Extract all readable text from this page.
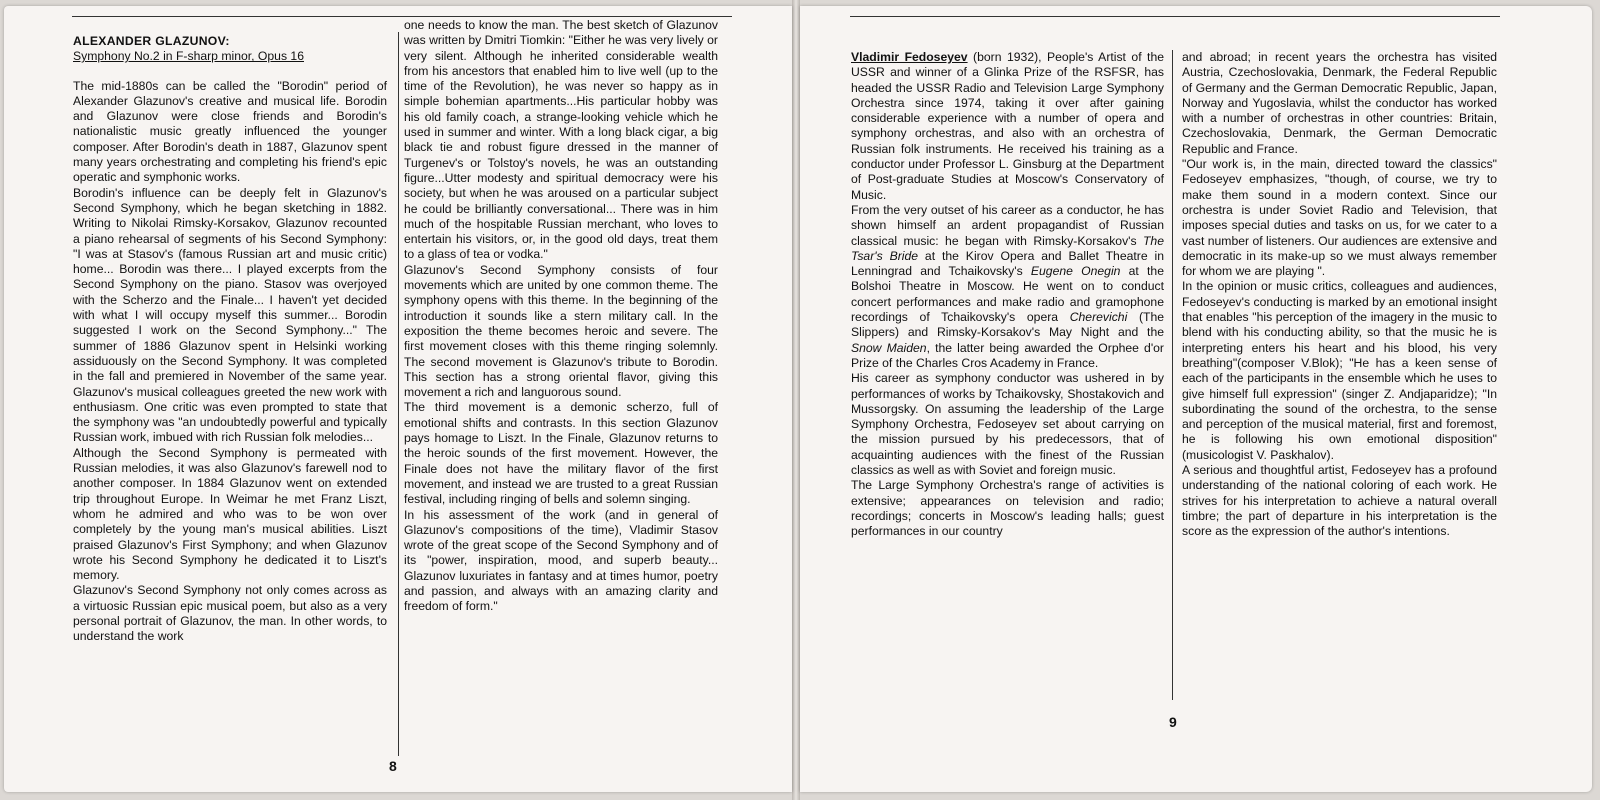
ALEXANDER GLAZUNOV:

Symphony No.2 in F-sharp minor, Opus 16

The mid-1880s can be called the "Borodin" period of Alexander Glazunov's creative and musical life. Borodin and Glazunov were close friends and Borodin's nationalistic music greatly influenced the younger composer. After Borodin's death in 1887, Glazunov spent many years orchestrating and completing his friend's epic operatic and symphonic works.

Borodin's influence can be deeply felt in Glazunov's Second Symphony, which he began sketching in 1882. Writing to Nikolai Rimsky-Korsakov, Glazunov recounted a piano rehearsal of segments of his Second Symphony: "I was at Stasov's (famous Russian art and music critic) home... Borodin was there... I played excerpts from the Second Symphony on the piano. Stasov was overjoyed with the Scherzo and the Finale... I haven't yet decided with what I will occupy myself this summer... Borodin suggested I work on the Second Symphony..." The summer of 1886 Glazunov spent in Helsinki working assiduously on the Second Symphony. It was completed in the fall and premiered in November of the same year. Glazunov's musical colleagues greeted the new work with enthusiasm. One critic was even prompted to state that the symphony was "an undoubtedly powerful and typically Russian work, imbued with rich Russian folk melodies...

Although the Second Symphony is permeated with Russian melodies, it was also Glazunov's farewell nod to another composer. In 1884 Glazunov went on extended trip throughout Europe. In Weimar he met Franz Liszt, whom he admired and who was to be won over completely by the young man's musical abilities. Liszt praised Glazunov's First Symphony; and when Glazunov wrote his Second Symphony he dedicated it to Liszt's memory.

Glazunov's Second Symphony not only comes across as a virtuosic Russian epic musical poem, but also as a very personal portrait of Glazunov, the man. In other words, to understand the work

one needs to know the man. The best sketch of Glazunov was written by Dmitri Tiomkin: "Either he was very lively or very silent. Although he inherited considerable wealth from his ancestors that enabled him to live well (up to the time of the Revolution), he was never so happy as in simple bohemian apartments...His particular hobby was his old family coach, a strange-looking vehicle which he used in summer and winter. With a long black cigar, a big black tie and robust figure dressed in the manner of Turgenev's or Tolstoy's novels, he was an outstanding figure...Utter modesty and spiritual democracy were his society, but when he was aroused on a particular subject he could be brilliantly conversational... There was in him much of the hospitable Russian merchant, who loves to entertain his visitors, or, in the good old days, treat them to a glass of tea or vodka."

Glazunov's Second Symphony consists of four movements which are united by one common theme. The symphony opens with this theme. In the beginning of the introduction it sounds like a stern military call. In the exposition the theme becomes heroic and severe. The first movement closes with this theme ringing solemnly. The second movement is Glazunov's tribute to Borodin. This section has a strong oriental flavor, giving this movement a rich and languorous sound.

The third movement is a demonic scherzo, full of emotional shifts and contrasts. In this section Glazunov pays homage to Liszt. In the Finale, Glazunov returns to the heroic sounds of the first movement. However, the Finale does not have the military flavor of the first movement, and instead we are trusted to a great Russian festival, including ringing of bells and solemn singing.

In his assessment of the work (and in general of Glazunov's compositions of the time), Vladimir Stasov wrote of the great scope of the Second Symphony and of its "power, inspiration, mood, and superb beauty... Glazunov luxuriates in fantasy and at times humor, poetry and passion, and always with an amazing clarity and freedom of form."

8

Vladimir Fedoseyev (born 1932), People's Artist of the USSR and winner of a Glinka Prize of the RSFSR, has headed the USSR Radio and Television Large Symphony Orchestra since 1974, taking it over after gaining considerable experience with a number of opera and symphony orchestras, and also with an orchestra of Russian folk instruments. He received his training as a conductor under Professor L. Ginsburg at the Department of Post-graduate Studies at Moscow's Conservatory of Music.

From the very outset of his career as a conductor, he has shown himself an ardent propagandist of Russian classical music: he began with Rimsky-Korsakov's The Tsar's Bride at the Kirov Opera and Ballet Theatre in Lenningrad and Tchaikovsky's Eugene Onegin at the Bolshoi Theatre in Moscow. He went on to conduct concert performances and make radio and gramophone recordings of Tchaikovsky's opera Cherevichi (The Slippers) and Rimsky-Korsakov's May Night and the Snow Maiden, the latter being awarded the Orphee d'or Prize of the Charles Cros Academy in France.

His career as symphony conductor was ushered in by performances of works by Tchaikovsky, Shostakovich and Mussorgsky. On assuming the leadership of the Large Symphony Orchestra, Fedoseyev set about carrying on the mission pursued by his predecessors, that of acquainting audiences with the finest of the Russian classics as well as with Soviet and foreign music.

The Large Symphony Orchestra's range of activities is extensive; appearances on television and radio; recordings; concerts in Moscow's leading halls; guest performances in our country

and abroad; in recent years the orchestra has visited Austria, Czechoslovakia, Denmark, the Federal Republic of Germany and the German Democratic Republic, Japan, Norway and Yugoslavia, whilst the conductor has worked with a number of orchestras in other countries: Britain, Czechoslovakia, Denmark, the German Democratic Republic and France.

"Our work is, in the main, directed toward the classics" Fedoseyev emphasizes, "though, of course, we try to make them sound in a modern context. Since our orchestra is under Soviet Radio and Television, that imposes special duties and tasks on us, for we cater to a vast number of listeners. Our audiences are extensive and democratic in its make-up so we must always remember for whom we are playing ".

In the opinion or music critics, colleagues and audiences, Fedoseyev's conducting is marked by an emotional insight that enables "his perception of the imagery in the music to blend with his conducting ability, so that the music he is interpreting enters his heart and his blood, his very breathing"(composer V.Blok); "He has a keen sense of each of the participants in the ensemble which he uses to give himself full expression" (singer Z. Andjaparidze); "In subordinating the sound of the orchestra, to the sense and perception of the musical material, first and foremost, he is following his own emotional disposition" (musicologist V. Paskhalov).

A serious and thoughtful artist, Fedoseyev has a profound understanding of the national coloring of each work. He strives for his interpretation to achieve a natural overall timbre; the part of departure in his interpretation is the score as the expression of the author's intentions.

9
